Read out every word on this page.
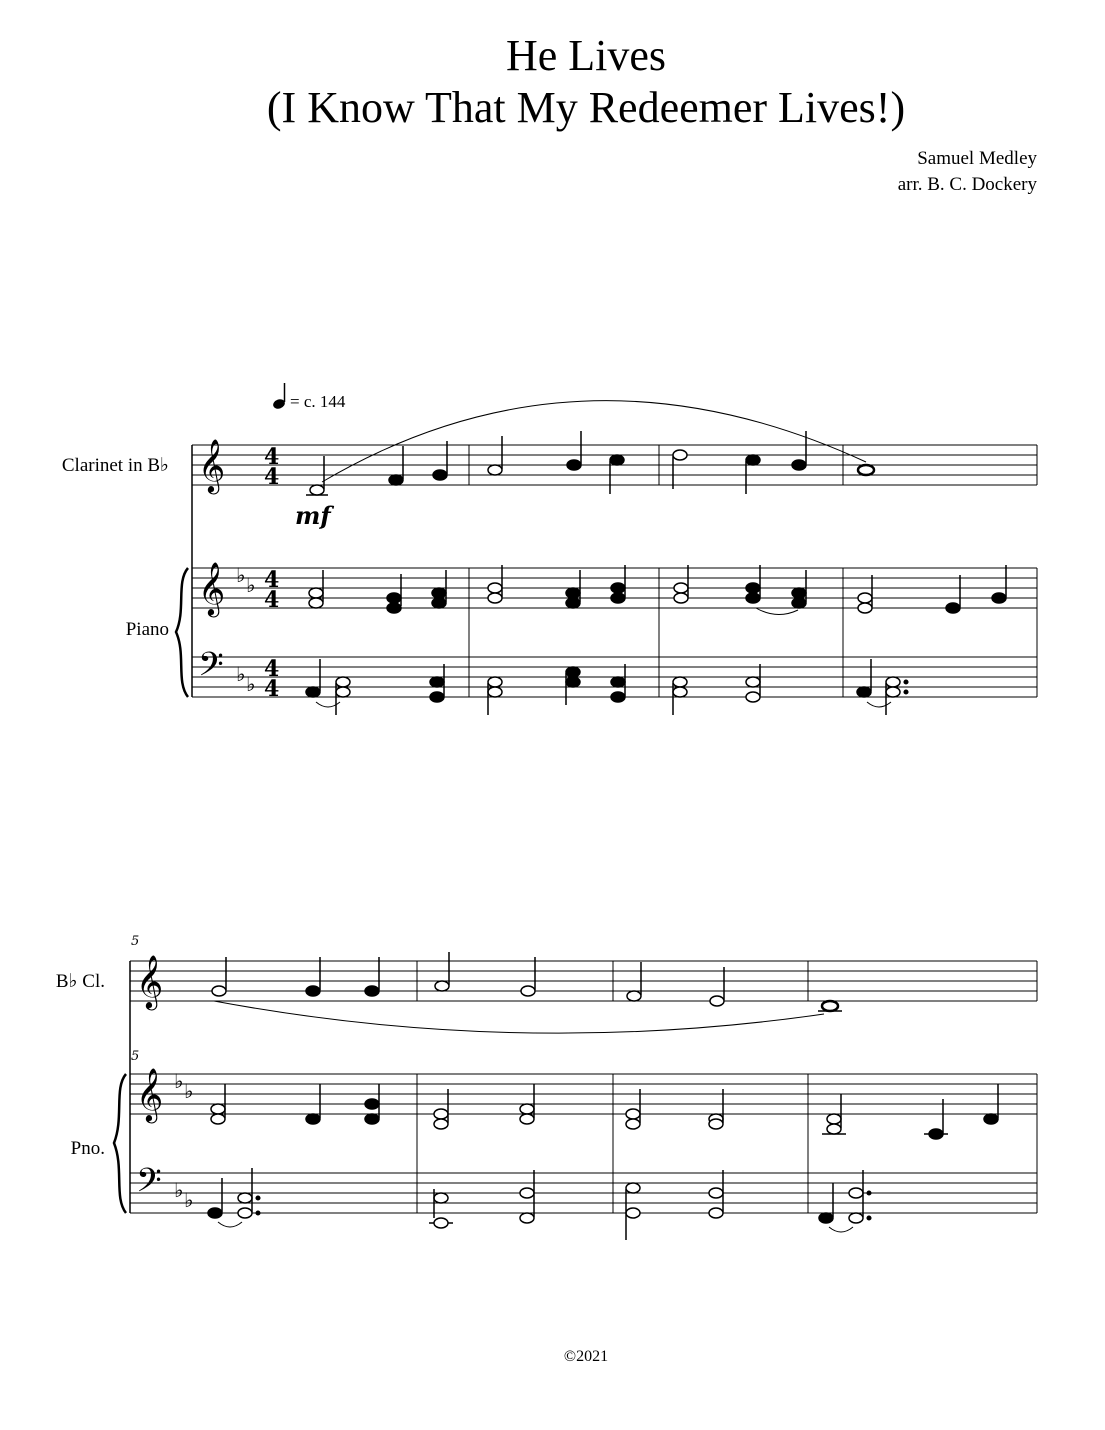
He Lives
(I Know That My Redeemer Lives!)
Samuel Medley
arr. B. C. Dockery
= c. 144
Clarinet in B♭
Piano
B♭ Cl.
Pno.
©2021
mf
𝄞
𝄞
𝄢
♭ ♭
♭ ♭
4
4
4
4
4
4
5
5
𝄞
𝄞
𝄢
♭ ♭
♭ ♭
